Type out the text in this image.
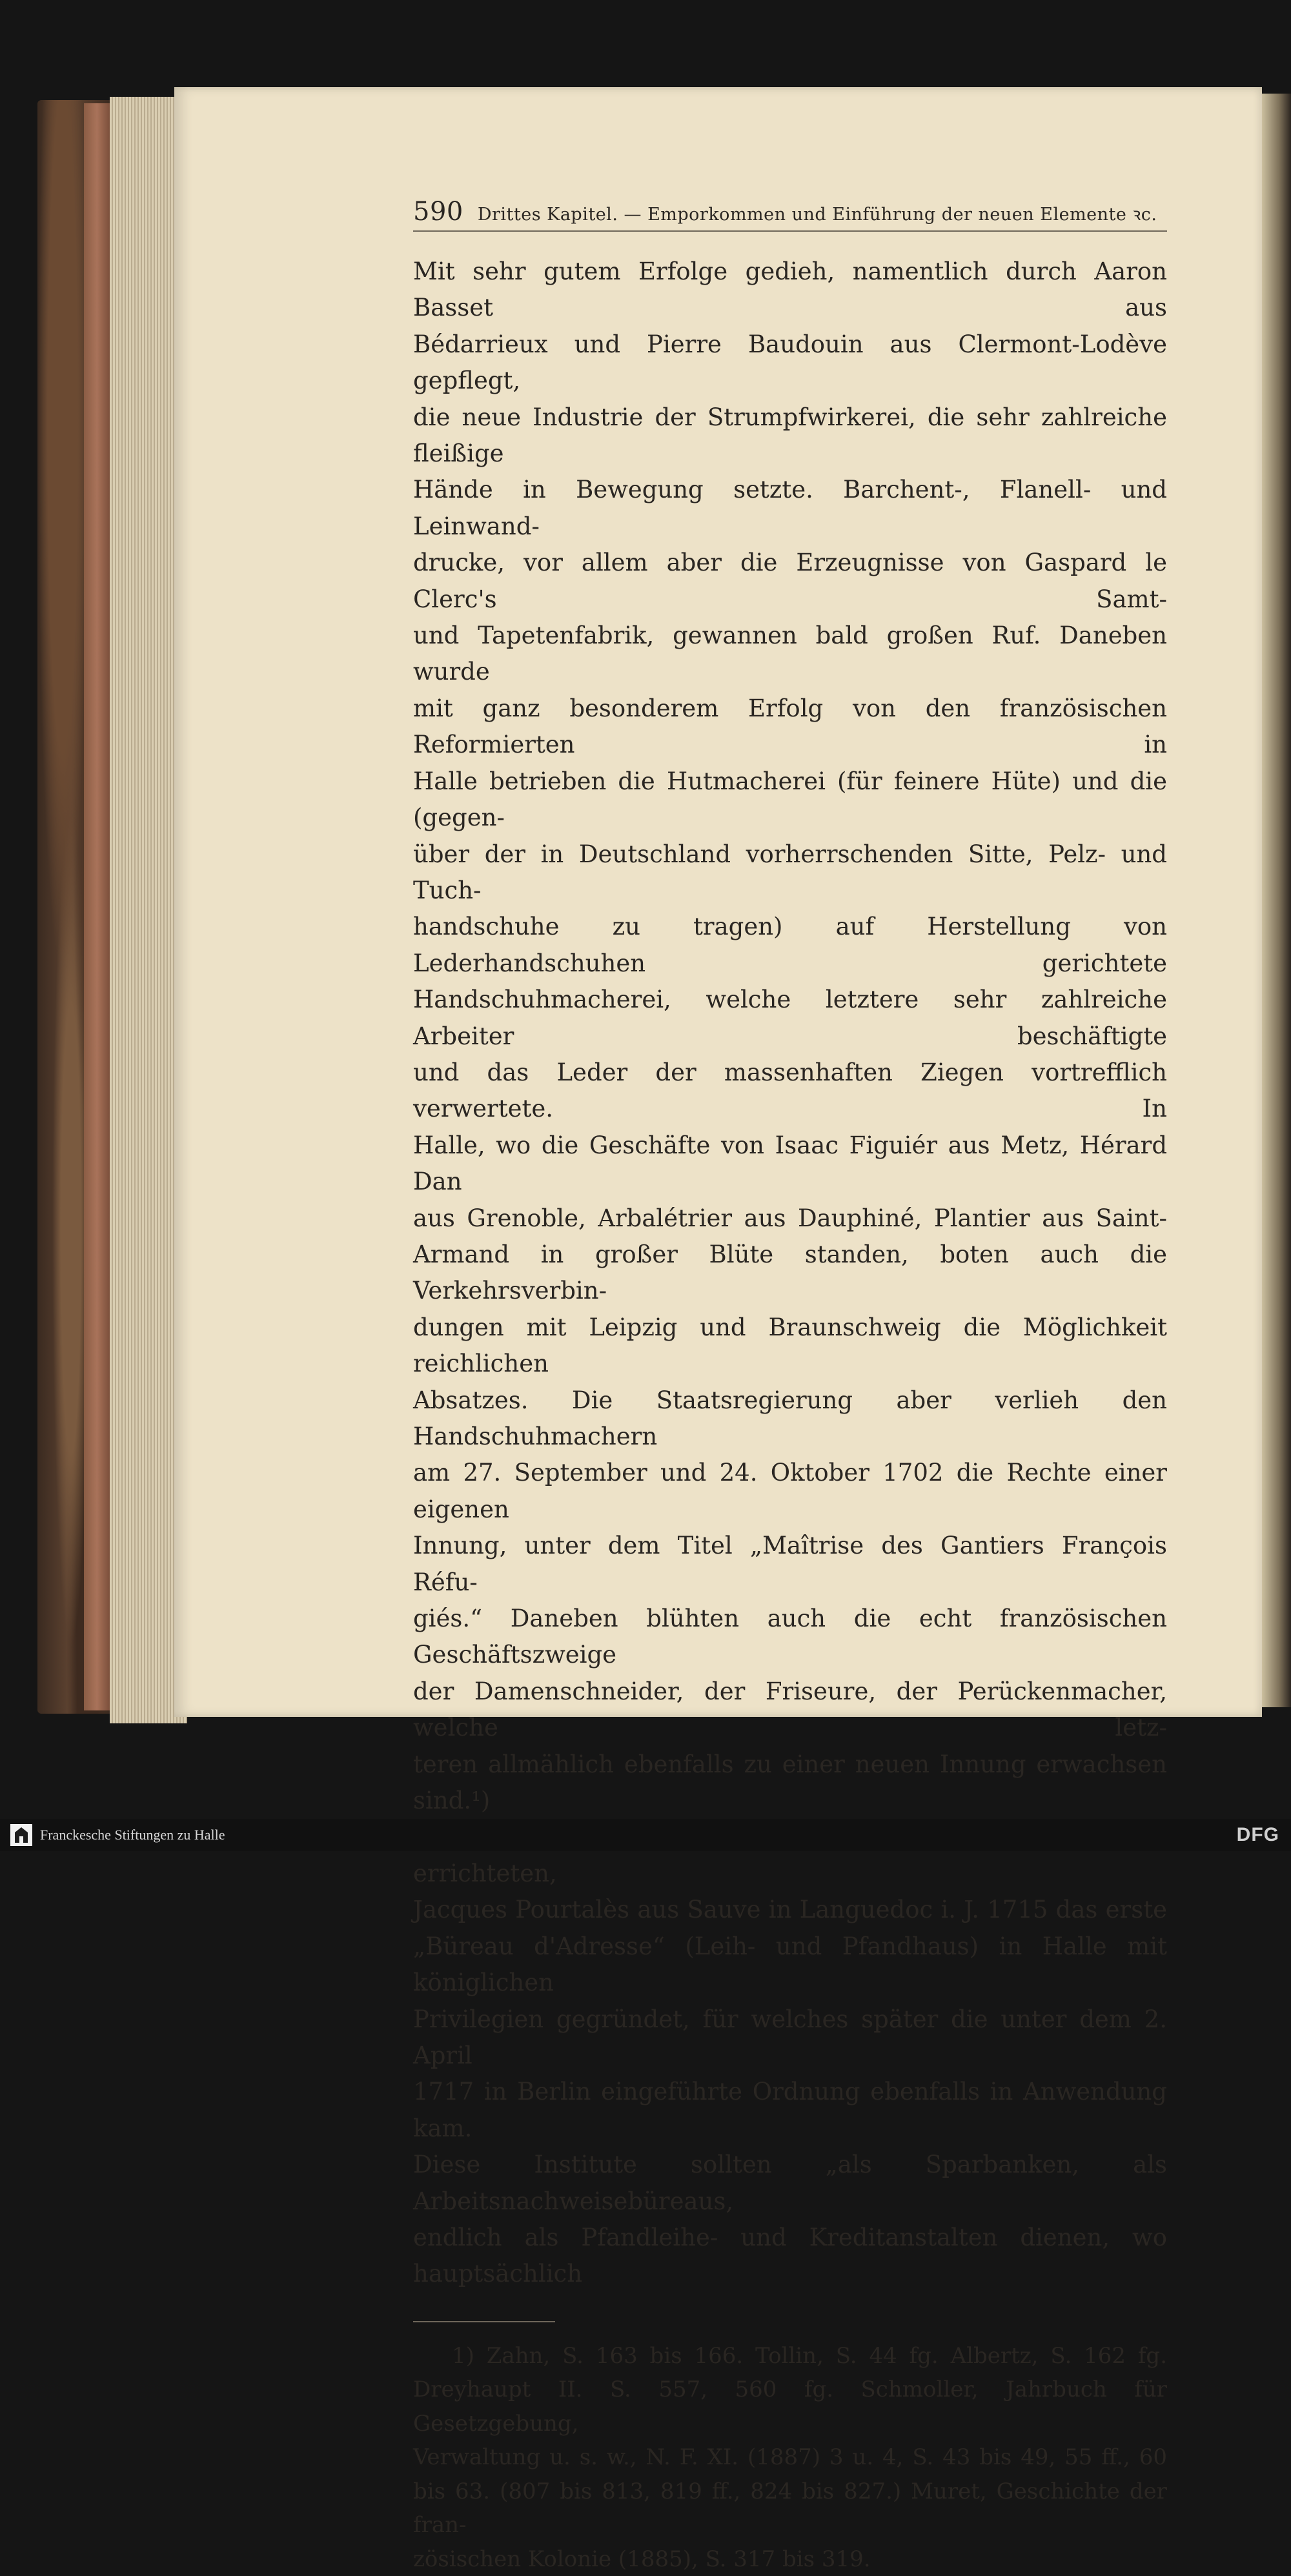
590 Drittes Kapitel. — Emporkommen und Einführung der neuen Elemente ꝛc.

Mit sehr gutem Erfolge gedieh, namentlich durch Aaron Basset aus
Bédarrieux und Pierre Baudouin aus Clermont-Lodève gepflegt,
die neue Industrie der Strumpfwirkerei, die sehr zahlreiche fleißige
Hände in Bewegung setzte. Barchent-, Flanell- und Leinwand-
drucke, vor allem aber die Erzeugnisse von Gaspard le Clerc's Samt-
und Tapetenfabrik, gewannen bald großen Ruf. Daneben wurde
mit ganz besonderem Erfolg von den französischen Reformierten in
Halle betrieben die Hutmacherei (für feinere Hüte) und die (gegen-
über der in Deutschland vorherrschenden Sitte, Pelz- und Tuch-
handschuhe zu tragen) auf Herstellung von Lederhandschuhen gerichtete
Handschuhmacherei, welche letztere sehr zahlreiche Arbeiter beschäftigte
und das Leder der massenhaften Ziegen vortrefflich verwertete. In
Halle, wo die Geschäfte von Isaac Figuiér aus Metz, Hérard Dan
aus Grenoble, Arbalétrier aus Dauphiné, Plantier aus Saint-
Armand in großer Blüte standen, boten auch die Verkehrsverbin-
dungen mit Leipzig und Braunschweig die Möglichkeit reichlichen
Absatzes. Die Staatsregierung aber verlieh den Handschuhmachern
am 27. September und 24. Oktober 1702 die Rechte einer eigenen
Innung, unter dem Titel „Maîtrise des Gantiers François Réfu-
giés.“ Daneben blühten auch die echt französischen Geschäftszweige
der Damenschneider, der Friseure, der Perückenmacher, welche letz-
teren allmählich ebenfalls zu einer neuen Innung erwachsen sind.¹)
errichteten,
Jacques Pourtalès aus Sauve in Languedoc i. J. 1715 das erste
„Büreau d'Adresse“ (Leih- und Pfandhaus) in Halle mit königlichen
Privilegien gegründet, für welches später die unter dem 2. April
1717 in Berlin eingeführte Ordnung ebenfalls in Anwendung kam.
Diese Institute sollten „als Sparbanken, als Arbeitsnachweisebüreaus,
endlich als Pfandleihe- und Kreditanstalten dienen, wo hauptsächlich

1) Zahn, S. 163 bis 166. Tollin, S. 44 fg. Albertz, S. 162 fg.
Dreyhaupt II. S. 557, 560 fg. Schmoller, Jahrbuch für Gesetzgebung,
Verwaltung u. s. w., N. F. XI. (1887) 3 u. 4, S. 43 bis 49, 55 ff., 60
bis 63. (807 bis 813, 819 ff., 824 bis 827.) Muret, Geschichte der fran-
zösischen Kolonie (1885), S. 317 bis 319.
Franckesche Stiftungen zu Halle	DFG
